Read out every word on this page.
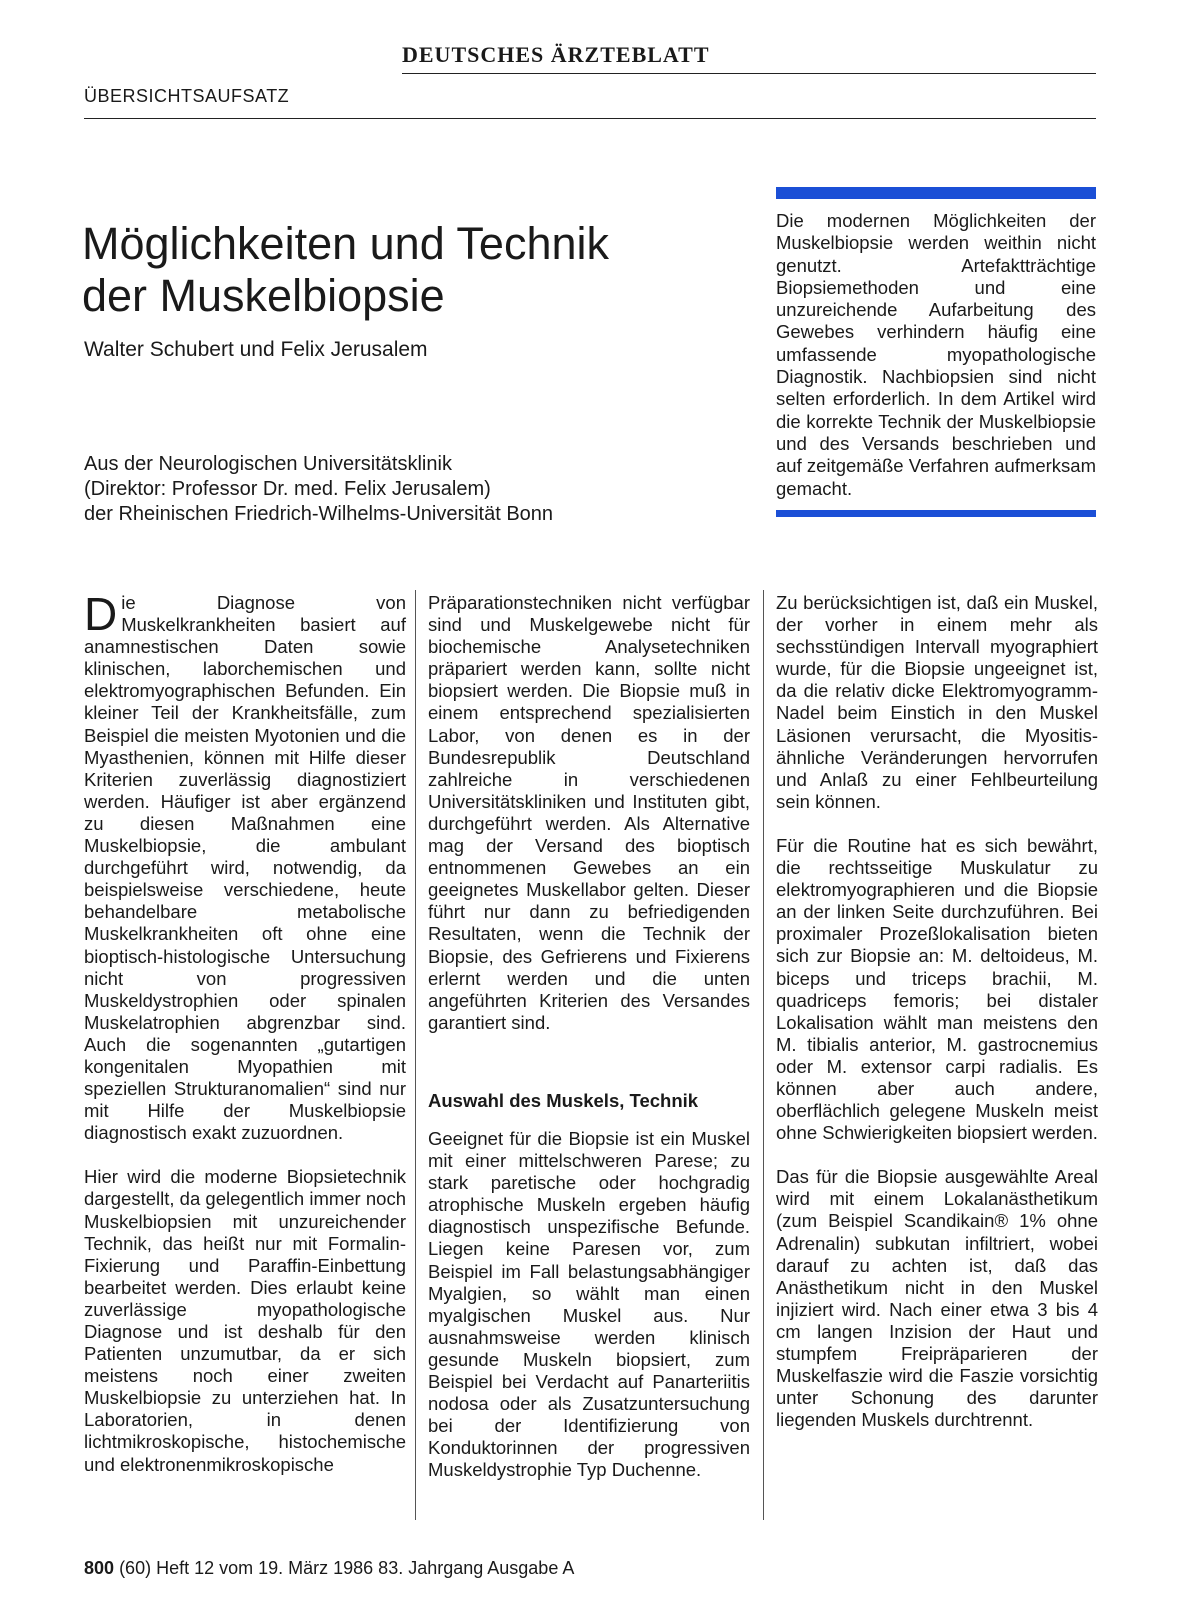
DEUTSCHES ÄRZTEBLATT
ÜBERSICHTSAUFSATZ
Möglichkeiten und Technik
der Muskelbiopsie
Walter Schubert und Felix Jerusalem
Aus der Neurologischen Universitätsklinik
(Direktor: Professor Dr. med. Felix Jerusalem)
der Rheinischen Friedrich-Wilhelms-Universität Bonn
Die modernen Möglichkeiten der Muskelbiopsie werden weithin nicht genutzt. Artefaktträchtige Biopsiemethoden und eine unzureichende Aufarbeitung des Gewebes verhindern häufig eine umfassende myopathologische Diagnostik. Nachbiopsien sind nicht selten erforderlich. In dem Artikel wird die korrekte Technik der Muskelbiopsie und des Versands beschrieben und auf zeitgemäße Verfahren aufmerksam gemacht.

Die Diagnose von Muskelkrankheiten basiert auf anamnestischen Daten sowie klinischen, laborchemischen und elektromyographischen Befunden. Ein kleiner Teil der Krankheitsfälle, zum Beispiel die meisten Myotonien und die Myasthenien, können mit Hilfe dieser Kriterien zuverlässig diagnostiziert werden. Häufiger ist aber ergänzend zu diesen Maßnahmen eine Muskelbiopsie, die ambulant durchgeführt wird, notwendig, da beispielsweise verschiedene, heute behandelbare metabolische Muskelkrankheiten oft ohne eine bioptisch-histologische Untersuchung nicht von progressiven Muskeldystrophien oder spinalen Muskelatrophien abgrenzbar sind. Auch die sogenannten „gutartigen kongenitalen Myopathien mit speziellen Strukturanomalien“ sind nur mit Hilfe der Muskelbiopsie diagnostisch exakt zuzuordnen.

Hier wird die moderne Biopsietechnik dargestellt, da gelegentlich immer noch Muskelbiopsien mit unzureichender Technik, das heißt nur mit Formalin-Fixierung und Paraffin-Einbettung bearbeitet werden. Dies erlaubt keine zuverlässige myopathologische Diagnose und ist deshalb für den Patienten unzumutbar, da er sich meistens noch einer zweiten Muskelbiopsie zu unterziehen hat. In Laboratorien, in denen lichtmikroskopische, histochemische und elektronenmikroskopische

Präparationstechniken nicht verfügbar sind und Muskelgewebe nicht für biochemische Analysetechniken präpariert werden kann, sollte nicht biopsiert werden. Die Biopsie muß in einem entsprechend spezialisierten Labor, von denen es in der Bundesrepublik Deutschland zahlreiche in verschiedenen Universitätskliniken und Instituten gibt, durchgeführt werden. Als Alternative mag der Versand des bioptisch entnommenen Gewebes an ein geeignetes Muskellabor gelten. Dieser führt nur dann zu befriedigenden Resultaten, wenn die Technik der Biopsie, des Gefrierens und Fixierens erlernt werden und die unten angeführten Kriterien des Versandes garantiert sind.

Auswahl des Muskels, Technik

Geeignet für die Biopsie ist ein Muskel mit einer mittelschweren Parese; zu stark paretische oder hochgradig atrophische Muskeln ergeben häufig diagnostisch unspezifische Befunde. Liegen keine Paresen vor, zum Beispiel im Fall belastungsabhängiger Myalgien, so wählt man einen myalgischen Muskel aus. Nur ausnahmsweise werden klinisch gesunde Muskeln biopsiert, zum Beispiel bei Verdacht auf Panarteriitis nodosa oder als Zusatzuntersuchung bei der Identifizierung von Konduktorinnen der progressiven Muskeldystrophie Typ Duchenne.

Zu berücksichtigen ist, daß ein Muskel, der vorher in einem mehr als sechsstündigen Intervall myographiert wurde, für die Biopsie ungeeignet ist, da die relativ dicke Elektromyogramm-Nadel beim Einstich in den Muskel Läsionen verursacht, die Myositis-ähnliche Veränderungen hervorrufen und Anlaß zu einer Fehlbeurteilung sein können.

Für die Routine hat es sich bewährt, die rechtsseitige Muskulatur zu elektromyographieren und die Biopsie an der linken Seite durchzuführen. Bei proximaler Prozeßlokalisation bieten sich zur Biopsie an: M. deltoideus, M. biceps und triceps brachii, M. quadriceps femoris; bei distaler Lokalisation wählt man meistens den M. tibialis anterior, M. gastrocnemius oder M. extensor carpi radialis. Es können aber auch andere, oberflächlich gelegene Muskeln meist ohne Schwierigkeiten biopsiert werden.

Das für die Biopsie ausgewählte Areal wird mit einem Lokalanästhetikum (zum Beispiel Scandikain® 1% ohne Adrenalin) subkutan infiltriert, wobei darauf zu achten ist, daß das Anästhetikum nicht in den Muskel injiziert wird. Nach einer etwa 3 bis 4 cm langen Inzision der Haut und stumpfem Freipräparieren der Muskelfaszie wird die Faszie vorsichtig unter Schonung des darunter liegenden Muskels durchtrennt.

800 (60) Heft 12 vom 19. März 1986 83. Jahrgang Ausgabe A
